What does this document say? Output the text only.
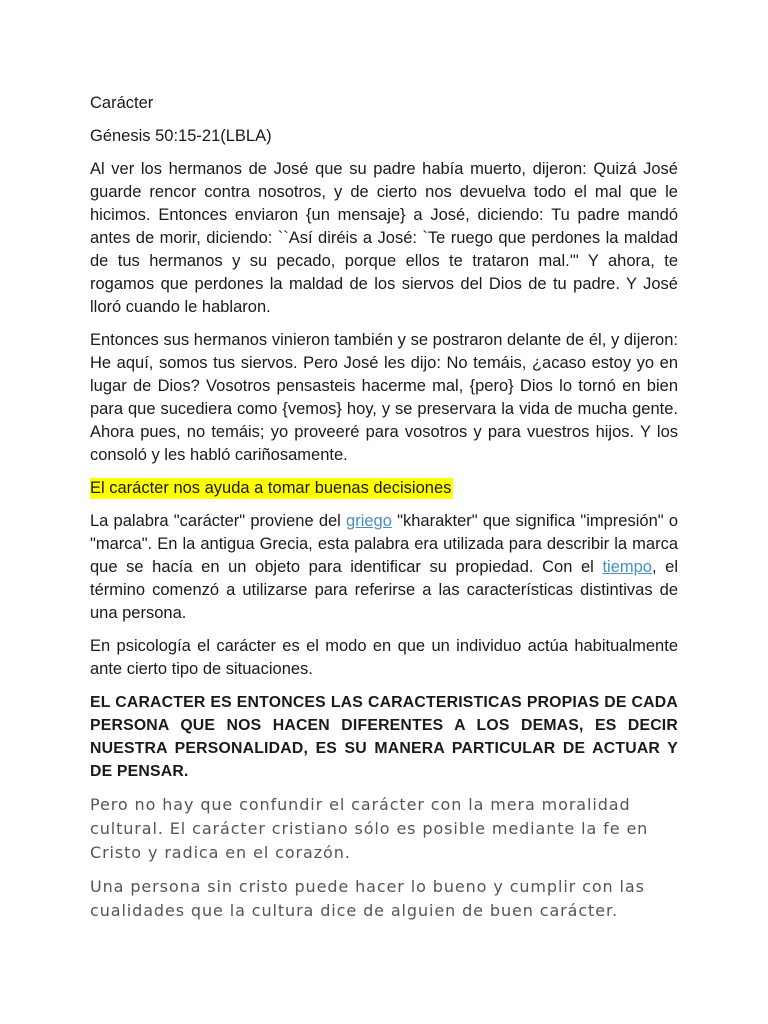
Carácter

Génesis 50:15-21(LBLA)

Al ver los hermanos de José que su padre había muerto, dijeron: Quizá José guarde rencor contra nosotros, y de cierto nos devuelva todo el mal que le hicimos. Entonces enviaron {un mensaje} a José, diciendo: Tu padre mandó antes de morir, diciendo: ``Así diréis a José: `Te ruego que perdones la maldad de tus hermanos y su pecado, porque ellos te trataron mal.'" Y ahora, te rogamos que perdones la maldad de los siervos del Dios de tu padre. Y José lloró cuando le hablaron.

Entonces sus hermanos vinieron también y se postraron delante de él, y dijeron: He aquí, somos tus siervos. Pero José les dijo: No temáis, ¿acaso estoy yo en lugar de Dios? Vosotros pensasteis hacerme mal, {pero} Dios lo tornó en bien para que sucediera como {vemos} hoy, y se preservara la vida de mucha gente. Ahora pues, no temáis; yo proveeré para vosotros y para vuestros hijos. Y los consoló y les habló cariñosamente.

El carácter nos ayuda a tomar buenas decisiones

La palabra "carácter" proviene del griego "kharakter" que significa "impresión" o "marca". En la antigua Grecia, esta palabra era utilizada para describir la marca que se hacía en un objeto para identificar su propiedad. Con el tiempo, el término comenzó a utilizarse para referirse a las características distintivas de una persona.

En psicología el carácter es el modo en que un individuo actúa habitualmente ante cierto tipo de situaciones.

EL CARACTER ES ENTONCES LAS CARACTERISTICAS PROPIAS DE CADA PERSONA QUE NOS HACEN DIFERENTES A LOS DEMAS, ES DECIR NUESTRA PERSONALIDAD, ES SU MANERA PARTICULAR DE ACTUAR Y DE PENSAR.

Pero no hay que confundir el carácter con la mera moralidad cultural. El carácter cristiano sólo es posible mediante la fe en Cristo y radica en el corazón.

Una persona sin cristo puede hacer lo bueno y cumplir con las cualidades que la cultura dice de alguien de buen carácter.
